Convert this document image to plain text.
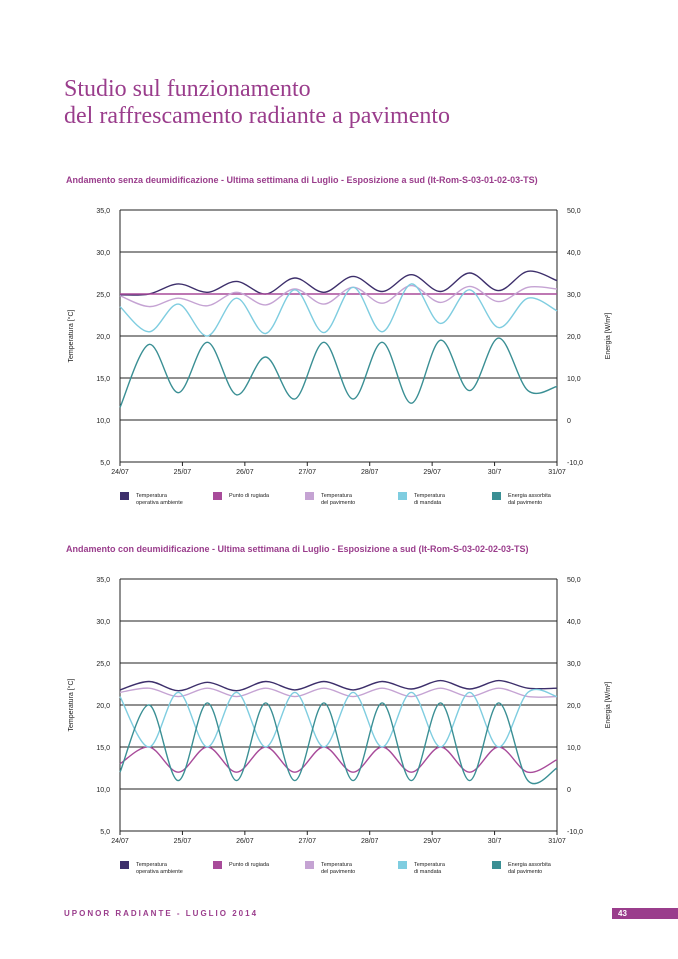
Studio sul funzionamento
del raffrescamento radiante a pavimento
Andamento senza deumidificazione - Ultima settimana di Luglio - Esposizione a sud (It-Rom-S-03-01-02-03-TS)
35,0	50,0
30,0	40,0
25,0	30,0
20,0	20,0
15,0	10,0
10,0	0
5,0	-10,0
24/07	25/07	26/07	27/07	28/07	29/07	30/7	31/07
Temperatura [°C]	Energia [W/m²]
Temperatura
operativa ambiente
Punto di rugiada	Temperatura
del pavimento
Temperatura
di mandata
Energia assorbita
dal pavimento
Andamento con deumidificazione - Ultima settimana di Luglio - Esposizione a sud (It-Rom-S-03-02-02-03-TS)
35,0	50,0
30,0	40,0
25,0	30,0
20,0	20,0
15,0	10,0
10,0	0
5,0	-10,0
24/07	25/07	26/07	27/07	28/07	29/07	30/7	31/07
Temperatura [°C]	Energia [W/m²]
Temperatura
operativa ambiente
Punto di rugiada	Temperatura
del pavimento
Temperatura
di mandata
Energia assorbita
dal pavimento
UPONOR RADIANTE - LUGLIO 2014	43
